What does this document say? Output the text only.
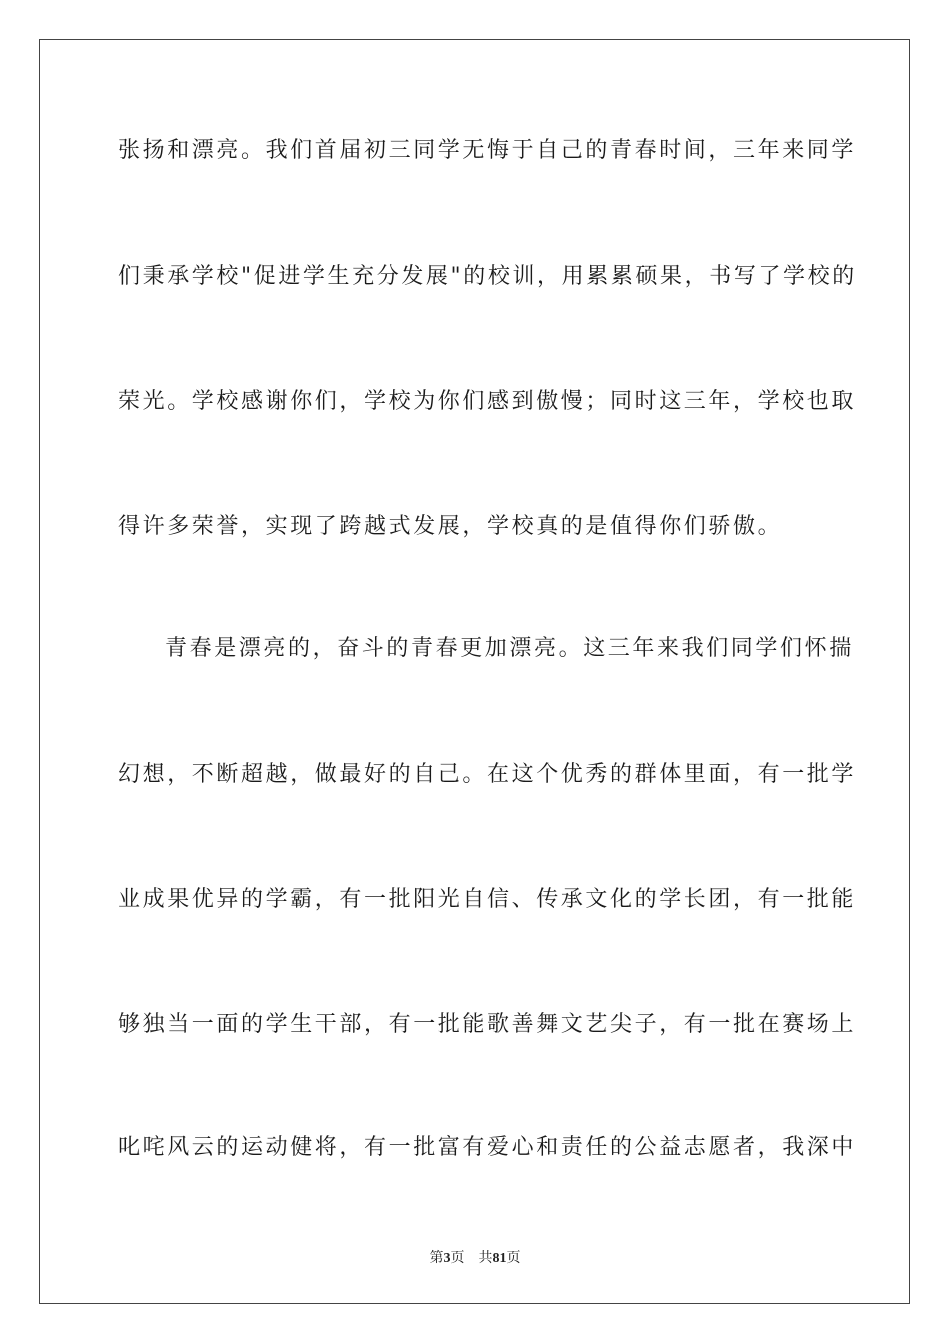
张扬和漂亮。我们首届初三同学无悔于自己的青春时间，三年来同学
们秉承学校"促进学生充分发展"的校训，用累累硕果，书写了学校的
荣光。学校感谢你们，学校为你们感到傲慢；同时这三年，学校也取
得许多荣誉，实现了跨越式发展，学校真的是值得你们骄傲。
青春是漂亮的，奋斗的青春更加漂亮。这三年来我们同学们怀揣
幻想，不断超越，做最好的自己。在这个优秀的群体里面，有一批学
业成果优异的学霸，有一批阳光自信、传承文化的学长团，有一批能
够独当一面的学生干部，有一批能歌善舞文艺尖子，有一批在赛场上
叱咤风云的运动健将，有一批富有爱心和责任的公益志愿者，我深中
第3页 共81页
